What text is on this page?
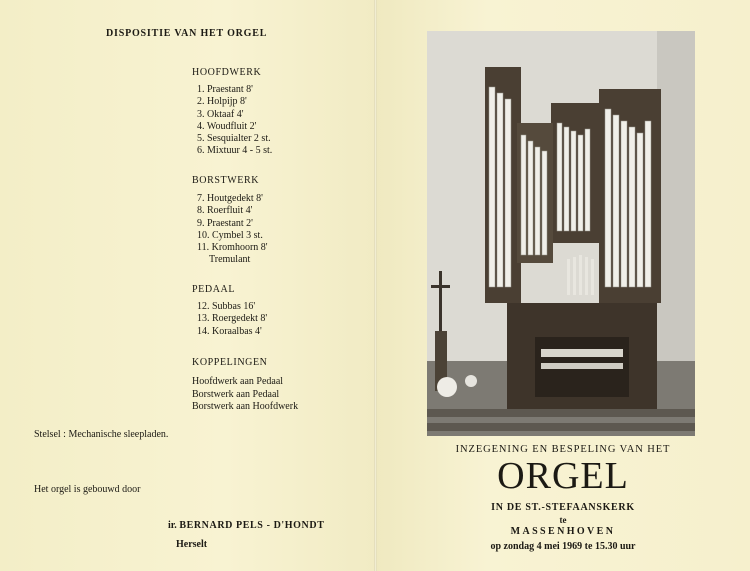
DISPOSITIE VAN HET ORGEL
HOOFDWERK
1. Praestant 8'
2. Holpijp 8'
3. Oktaaf 4'
4. Woudfluit 2'
5. Sesquialter 2 st.
6. Mixtuur 4 - 5 st.
BORSTWERK
7. Houtgedekt 8'
8. Roerfluit 4'
9. Praestant 2'
10. Cymbel 3 st.
11. Kromhoorn 8'
Tremulant
PEDAAL
12. Subbas 16'
13. Roergedekt 8'
14. Koraalbas 4'
KOPPELINGEN
Hoofdwerk aan Pedaal
Borstwerk aan Pedaal
Borstwerk aan Hoofdwerk
Stelsel : Mechanische sleepladen.
Het orgel is gebouwd door
ir. BERNARD PELS - D'HONDT
Herselt
INZEGENING EN BESPELING VAN HET
ORGEL
IN DE ST.-STEFAANSKERK
te
MASSENHOVEN
op zondag 4 mei 1969 te 15.30 uur
